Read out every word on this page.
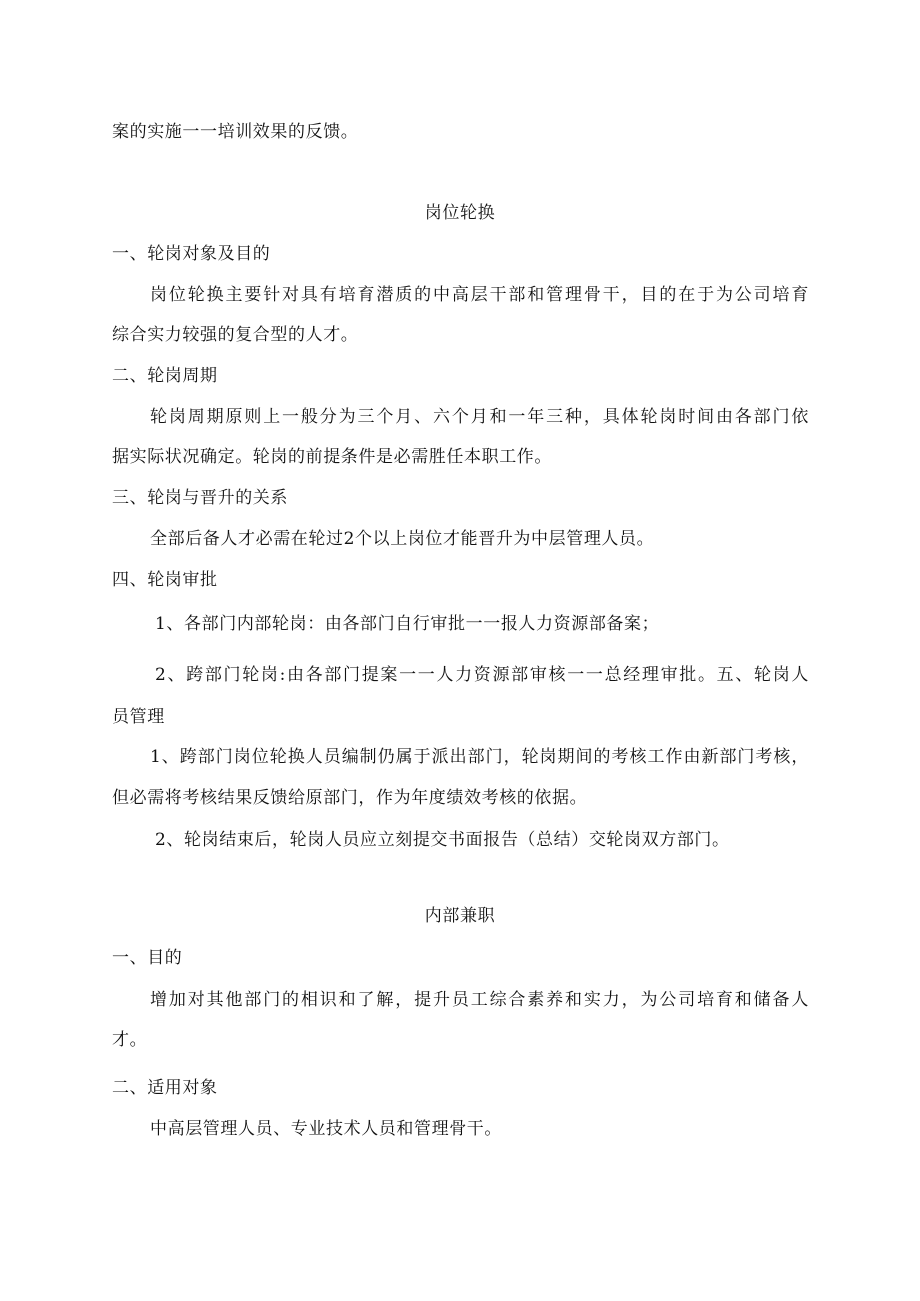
案的实施一一培训效果的反馈。
岗位轮换
一、轮岗对象及目的
岗位轮换主要针对具有培育潜质的中高层干部和管理骨干，目的在于为公司培育
综合实力较强的复合型的人才。
二、轮岗周期
轮岗周期原则上一般分为三个月、六个月和一年三种，具体轮岗时间由各部门依
据实际状况确定。轮岗的前提条件是必需胜任本职工作。
三、轮岗与晋升的关系
全部后备人才必需在轮过2个以上岗位才能晋升为中层管理人员。
四、轮岗审批
1、各部门内部轮岗：由各部门自行审批一一报人力资源部备案；
2、跨部门轮岗:由各部门提案一一人力资源部审核一一总经理审批。五、轮岗人
员管理
1、跨部门岗位轮换人员编制仍属于派出部门，轮岗期间的考核工作由新部门考核，
但必需将考核结果反馈给原部门，作为年度绩效考核的依据。
2、轮岗结束后，轮岗人员应立刻提交书面报告（总结）交轮岗双方部门。
内部兼职
一、目的
增加对其他部门的相识和了解，提升员工综合素养和实力，为公司培育和储备人
才。
二、适用对象
中高层管理人员、专业技术人员和管理骨干。
